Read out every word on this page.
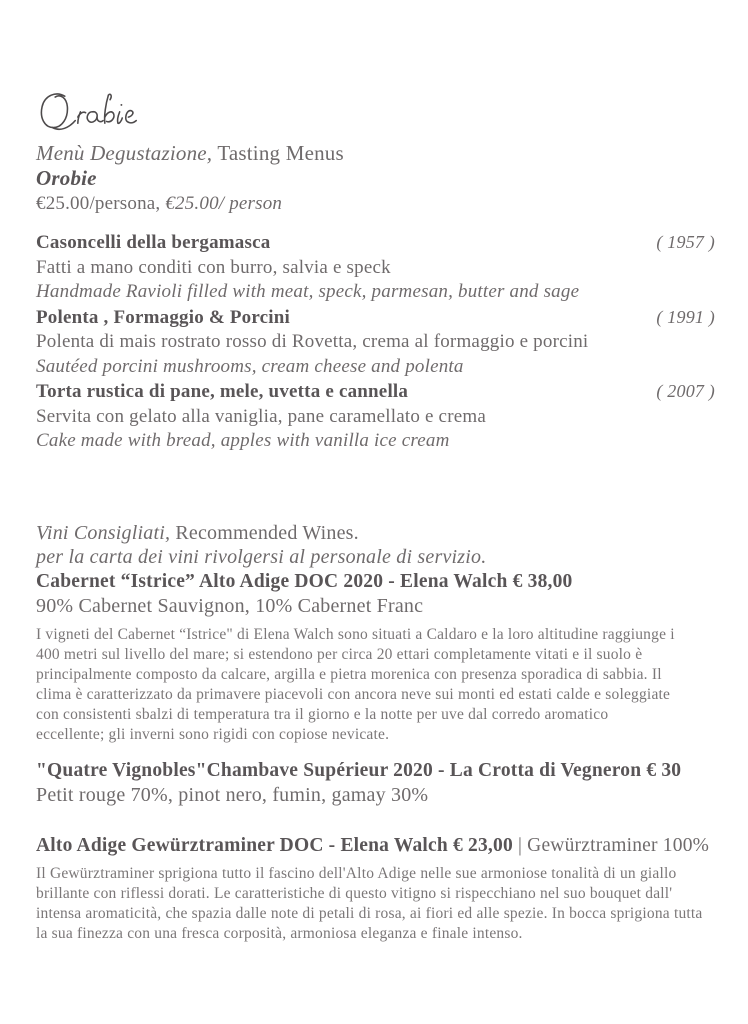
Menù Degustazione, Tasting Menus
Orobie
€25.00/persona, €25.00/ person
Casoncelli della bergamasca	( 1957 )
Fatti a mano conditi con burro, salvia e speck
Handmade Ravioli filled with meat, speck, parmesan, butter and sage
Polenta , Formaggio & Porcini	( 1991 )
Polenta di mais rostrato rosso di Rovetta, crema al formaggio e porcini
Sautéed porcini mushrooms, cream cheese and polenta
Torta rustica di pane, mele, uvetta e cannella	( 2007 )
Servita con gelato alla vaniglia, pane caramellato e crema
Cake made with bread, apples with vanilla ice cream
Vini Consigliati, Recommended Wines.
per la carta dei vini rivolgersi al personale di servizio.
Cabernet “Istrice” Alto Adige DOC 2020 - Elena Walch € 38,00
90% Cabernet Sauvignon, 10% Cabernet Franc
I vigneti del Cabernet “Istrice" di Elena Walch sono situati a Caldaro e la loro altitudine raggiunge i 400 metri sul livello del mare; si estendono per circa 20 ettari completamente vitati e il suolo è principalmente composto da calcare, argilla e pietra morenica con presenza sporadica di sabbia. Il clima è caratterizzato da primavere piacevoli con ancora neve sui monti ed estati calde e soleggiate con consistenti sbalzi di temperatura tra il giorno e la notte per uve dal corredo aromatico eccellente; gli inverni sono rigidi con copiose nevicate.
"Quatre Vignobles"Chambave Supérieur 2020 - La Crotta di Vegneron € 30
Petit rouge 70%, pinot nero, fumin, gamay 30%
Alto Adige Gewürztraminer DOC - Elena Walch € 23,00 | Gewürztraminer 100%
Il Gewürztraminer sprigiona tutto il fascino dell'Alto Adige nelle sue armoniose tonalità di un giallo brillante con riflessi dorati. Le caratteristiche di questo vitigno si rispecchiano nel suo bouquet dall' intensa aromaticità, che spazia dalle note di petali di rosa, ai fiori ed alle spezie. In bocca sprigiona tutta la sua finezza con una fresca corposità, armoniosa eleganza e finale intenso.
